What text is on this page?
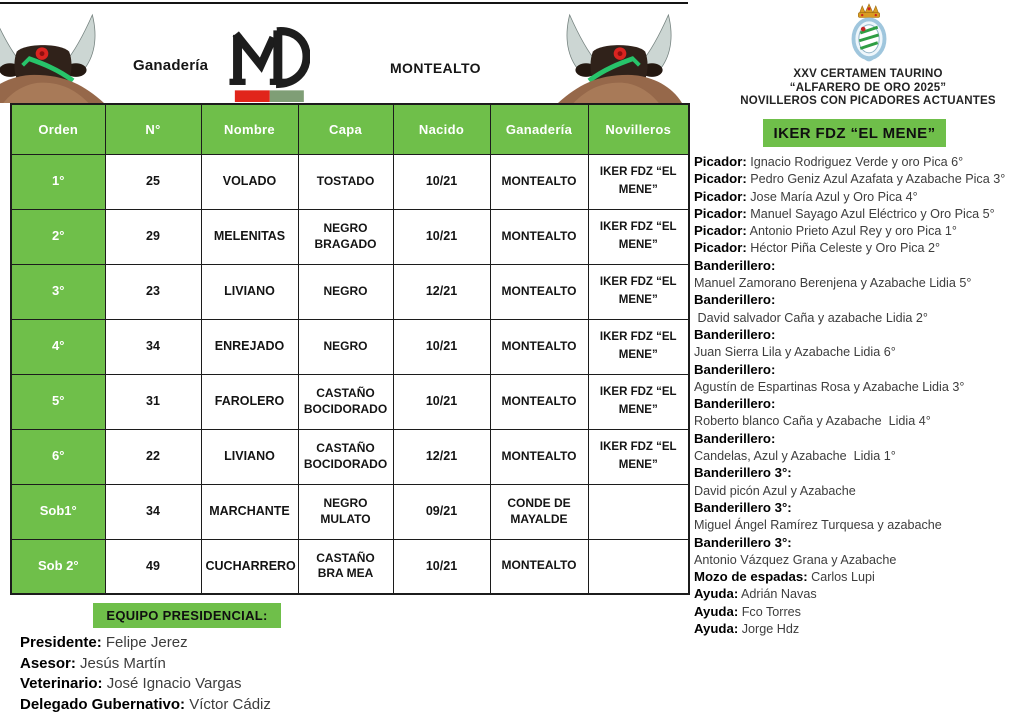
Ganadería	MONTEALTO
Orden	N°	Nombre	Capa	Nacido	Ganadería	Novilleros
1°	25	VOLADO	TOSTADO	10/21	MONTEALTO	IKER FDZ “EL MENE”
2°	29	MELENITAS	NEGRO BRAGADO	10/21	MONTEALTO	IKER FDZ “EL MENE”
3°	23	LIVIANO	NEGRO	12/21	MONTEALTO	IKER FDZ “EL MENE”
4°	34	ENREJADO	NEGRO	10/21	MONTEALTO	IKER FDZ “EL MENE”
5°	31	FAROLERO	CASTAÑO BOCIDORADO	10/21	MONTEALTO	IKER FDZ “EL MENE”
6°	22	LIVIANO	CASTAÑO BOCIDORADO	12/21	MONTEALTO	IKER FDZ “EL MENE”
Sob1°	34	MARCHANTE	NEGRO MULATO	09/21	CONDE DE MAYALDE	
Sob 2°	49	CUCHARRERO	CASTAÑO BRA MEA	10/21	MONTEALTO	
XXV CERTAMEN TAURINO
“ALFARERO DE ORO 2025”
NOVILLEROS CON PICADORES ACTUANTES
IKER FDZ “EL MENE”
Picador: Ignacio Rodriguez Verde y oro Pica 6°
Picador: Pedro Geniz Azul Azafata y Azabache Pica 3°
Picador: Jose María Azul y Oro Pica 4°
Picador: Manuel Sayago Azul Eléctrico y Oro Pica 5°
Picador: Antonio Prieto Azul Rey y oro Pica 1°
Picador: Héctor Piña Celeste y Oro Pica 2°
Banderillero:
Manuel Zamorano Berenjena y Azabache Lidia 5°
Banderillero:
David salvador Caña y azabache Lidia 2°
Banderillero:
Juan Sierra Lila y Azabache Lidia 6°
Banderillero:
Agustín de Espartinas Rosa y Azabache Lidia 3°
Banderillero:
Roberto blanco Caña y Azabache  Lidia 4°
Banderillero:
Candelas, Azul y Azabache  Lidia 1°
Banderillero 3°:
David picón Azul y Azabache
Banderillero 3°:
Miguel Ángel Ramírez Turquesa y azabache
Banderillero 3°:
Antonio Vázquez Grana y Azabache
Mozo de espadas: Carlos Lupi
Ayuda: Adrián Navas
Ayuda: Fco Torres
Ayuda: Jorge Hdz
EQUIPO PRESIDENCIAL:
Presidente: Felipe Jerez
Asesor: Jesús Martín
Veterinario: José Ignacio Vargas
Delegado Gubernativo: Víctor Cádiz
